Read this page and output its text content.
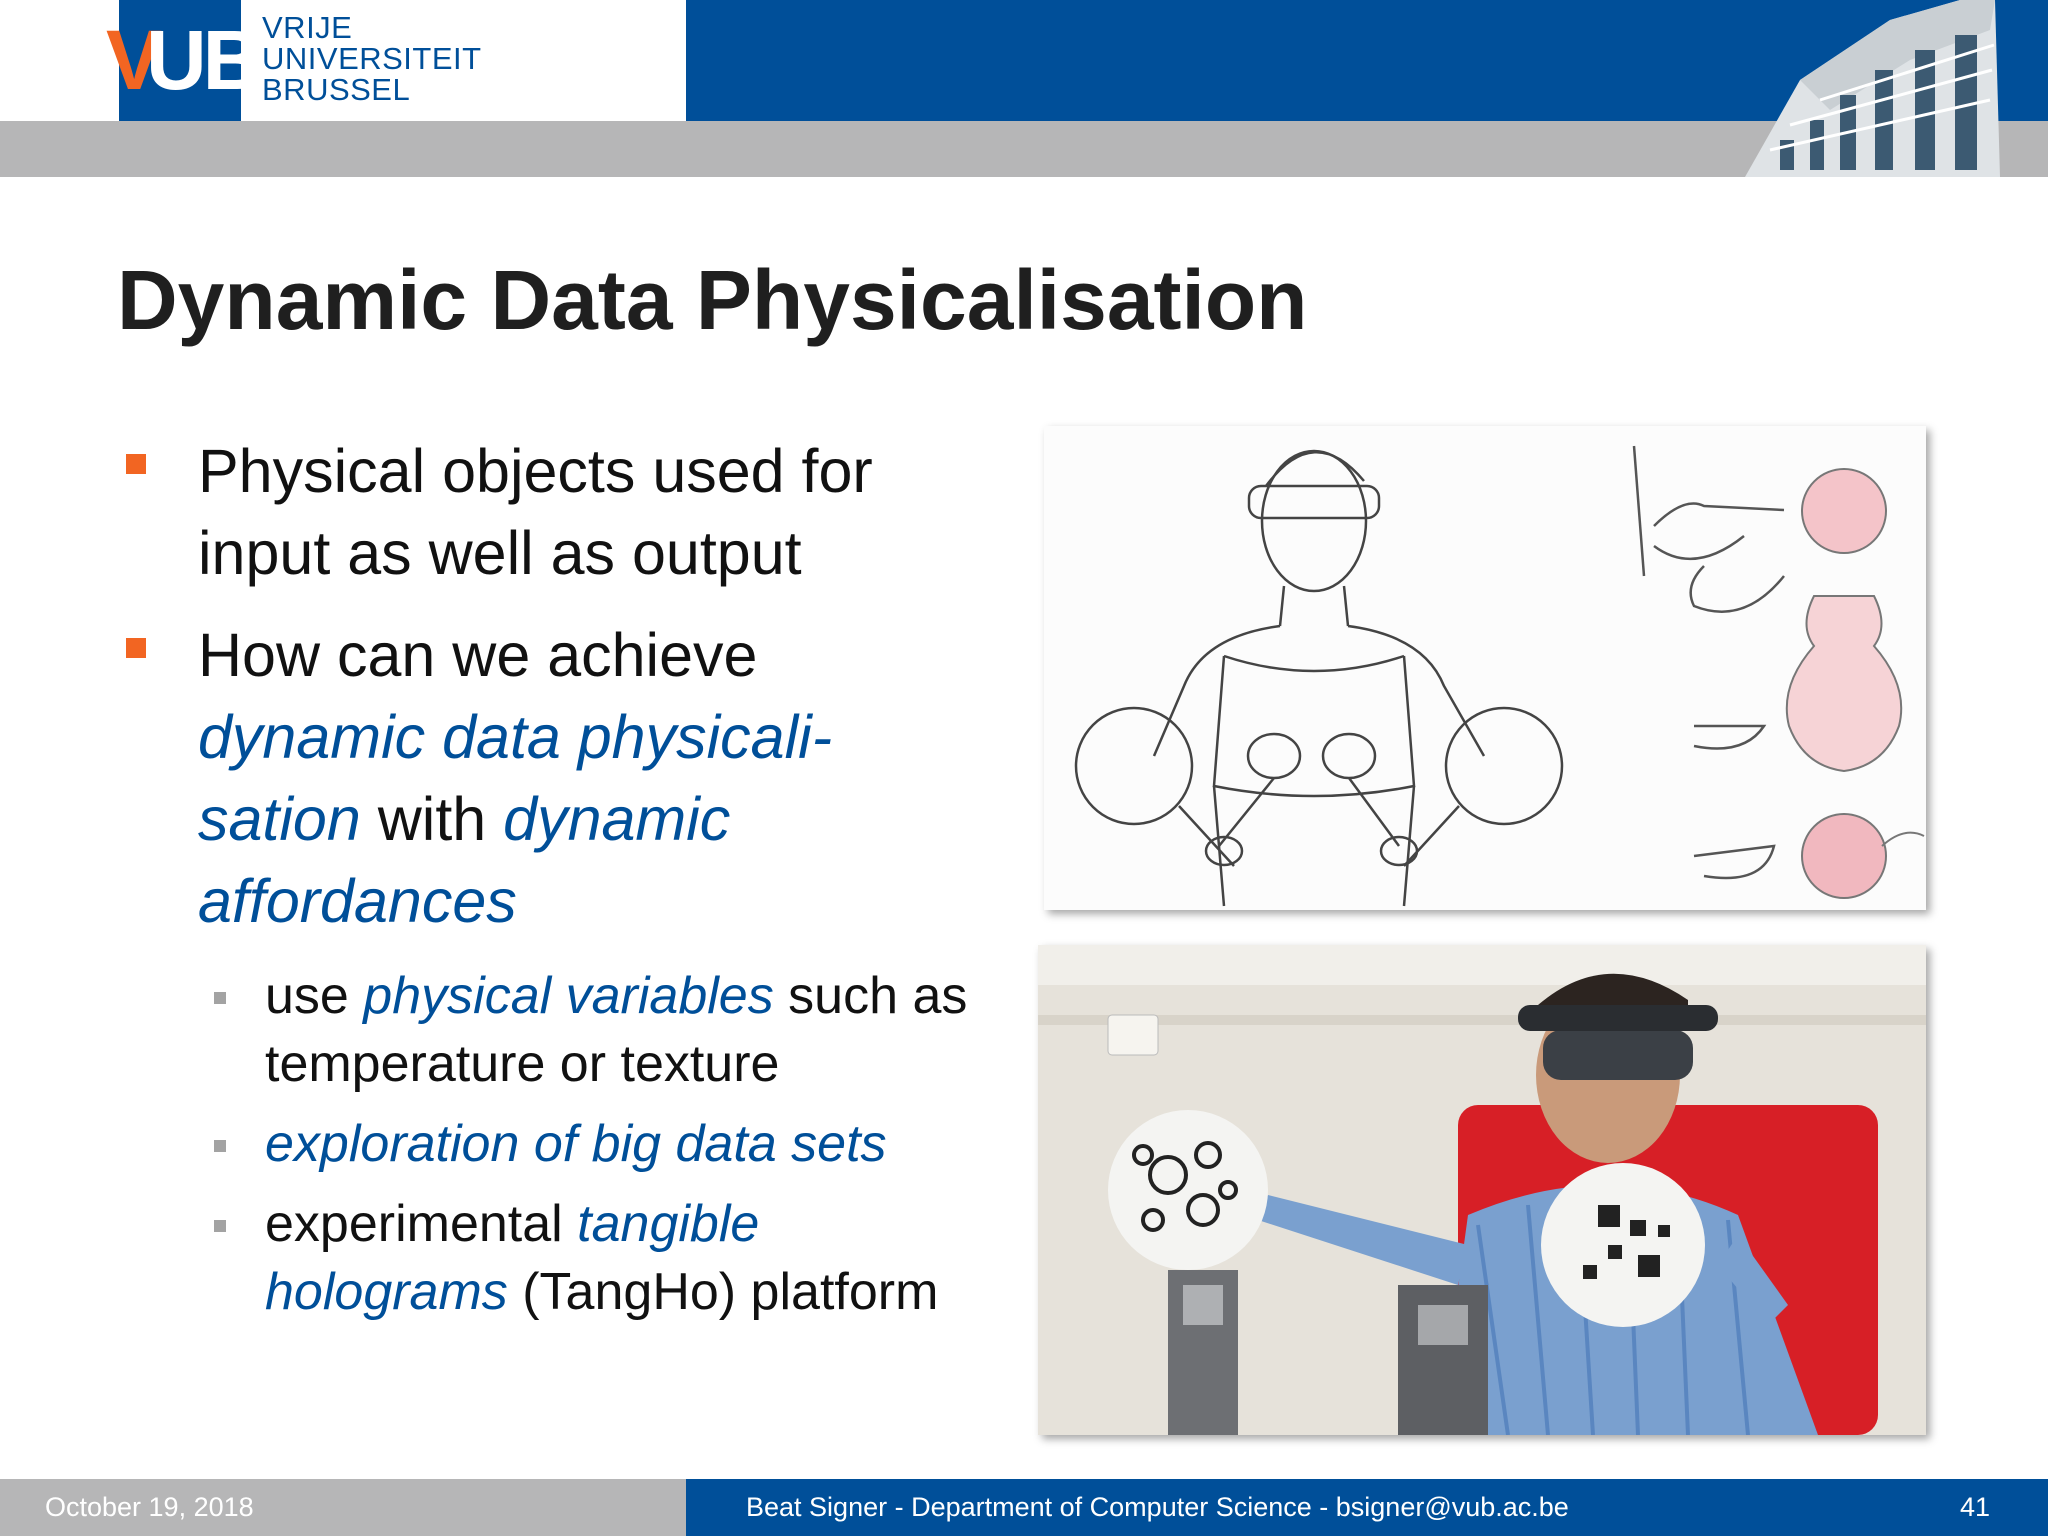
V
UB VRIJE
UNIVERSITEIT
BRUSSEL
Dynamic Data Physicalisation
Physical objects used for input as well as output
How can we achieve dynamic data physicali-sation with dynamic affordances
use physical variables such as temperature or texture
exploration of big data sets
experimental tangible holograms (TangHo) platform
October 19, 2018	Beat Signer - Department of Computer Science - bsigner@vub.ac.be	41
